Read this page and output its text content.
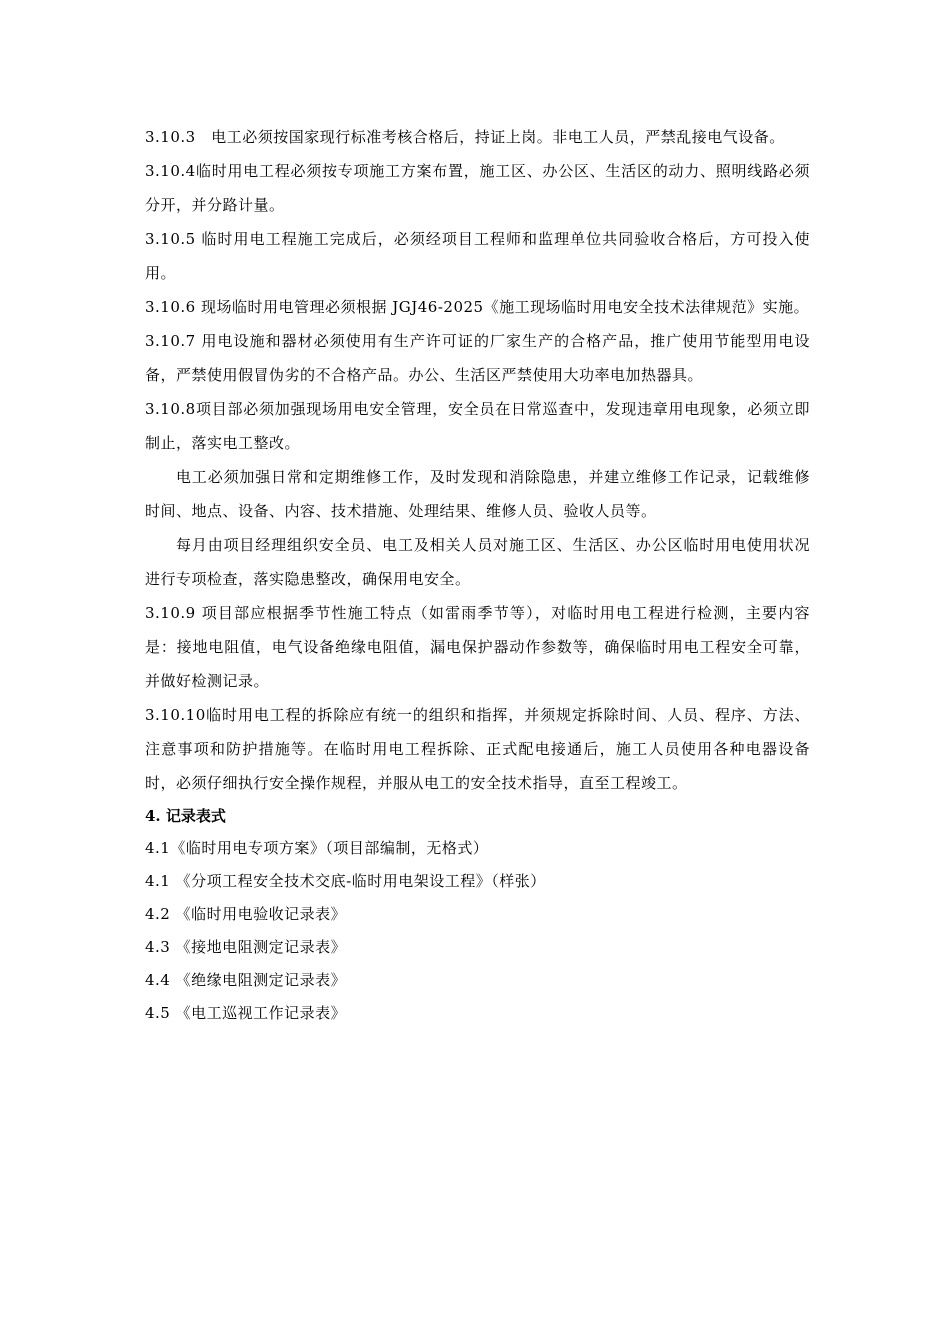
3.10.3　电工必须按国家现行标准考核合格后，持证上岗。非电工人员，严禁乱接电气设备。

3.10.4临时用电工程必须按专项施工方案布置，施工区、办公区、生活区的动力、照明线路必须分开，并分路计量。

3.10.5 临时用电工程施工完成后，必须经项目工程师和监理单位共同验收合格后，方可投入使用。

3.10.6 现场临时用电管理必须根据 JGJ46-2025《施工现场临时用电安全技术法律规范》实施。

3.10.7 用电设施和器材必须使用有生产许可证的厂家生产的合格产品，推广使用节能型用电设备，严禁使用假冒伪劣的不合格产品。办公、生活区严禁使用大功率电加热器具。

3.10.8项目部必须加强现场用电安全管理，安全员在日常巡查中，发现违章用电现象，必须立即制止，落实电工整改。

电工必须加强日常和定期维修工作，及时发现和消除隐患，并建立维修工作记录，记载维修时间、地点、设备、内容、技术措施、处理结果、维修人员、验收人员等。

每月由项目经理组织安全员、电工及相关人员对施工区、生活区、办公区临时用电使用状况进行专项检查，落实隐患整改，确保用电安全。

3.10.9 项目部应根据季节性施工特点（如雷雨季节等），对临时用电工程进行检测，主要内容是：接地电阻值，电气设备绝缘电阻值，漏电保护器动作参数等，确保临时用电工程安全可靠，并做好检测记录。

3.10.10临时用电工程的拆除应有统一的组织和指挥，并须规定拆除时间、人员、程序、方法、注意事项和防护措施等。在临时用电工程拆除、正式配电接通后，施工人员使用各种电器设备时，必须仔细执行安全操作规程，并服从电工的安全技术指导，直至工程竣工。

4. 记录表式

4.1《临时用电专项方案》（项目部编制，无格式）

4.1 《分项工程安全技术交底-临时用电架设工程》（样张）

4.2 《临时用电验收记录表》

4.3 《接地电阻测定记录表》

4.4 《绝缘电阻测定记录表》

4.5 《电工巡视工作记录表》
